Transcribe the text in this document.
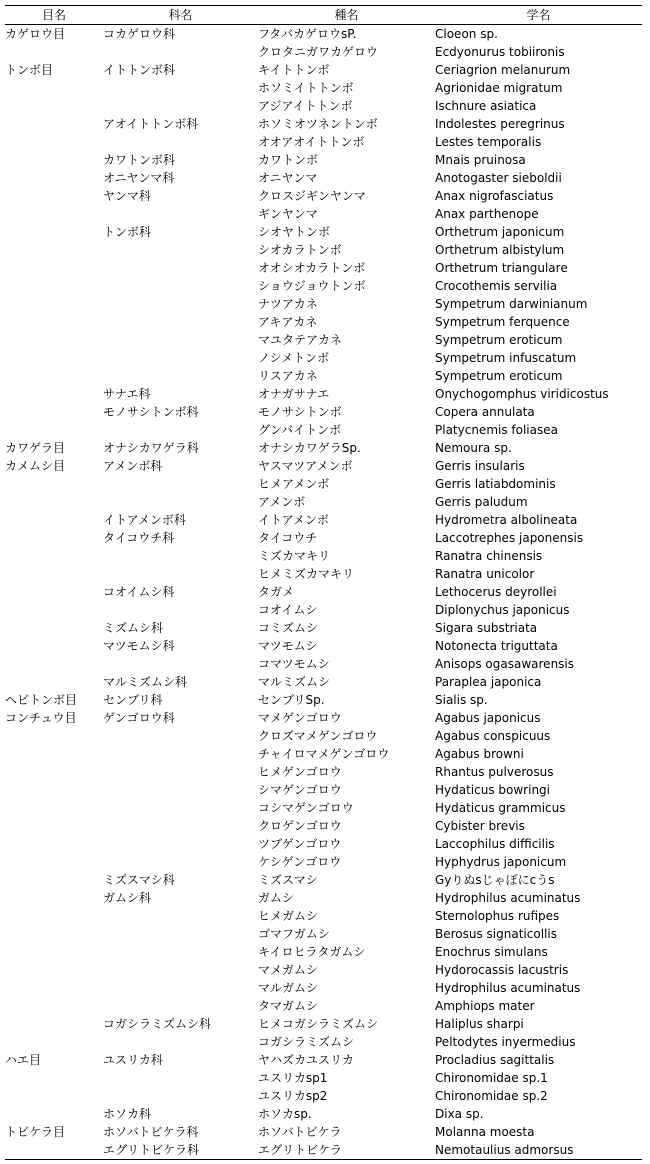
目名	科名	種名	学名
カゲロウ目	コカゲロウ科	フタバカゲロウsP.	Cloeon sp.
		クロタニガワカゲロウ	Ecdyonurus tobiironis
トンボ目	イトトンボ科	キイトトンボ	Ceriagrion melanurum
		ホソミイトトンボ	Agrionidae migratum
		アジアイトトンボ	Ischnure asiatica
	アオイトトンボ科	ホソミオツネントンボ	Indolestes peregrinus
		オオアオイトトンボ	Lestes temporalis
	カワトンボ科	カワトンボ	Mnais pruinosa
	オニヤンマ科	オニヤンマ	Anotogaster sieboldii
	ヤンマ科	クロスジギンヤンマ	Anax nigrofasciatus
		ギンヤンマ	Anax parthenope
	トンボ科	シオヤトンボ	Orthetrum japonicum
		シオカラトンボ	Orthetrum albistylum
		オオシオカラトンボ	Orthetrum triangulare
		ショウジョウトンボ	Crocothemis servilia
		ナツアカネ	Sympetrum darwinianum
		アキアカネ	Sympetrum ferquence
		マユタテアカネ	Sympetrum eroticum
		ノシメトンボ	Sympetrum infuscatum
		リスアカネ	Sympetrum eroticum
	サナエ科	オナガサナエ	Onychogomphus viridicostus
	モノサシトンボ科	モノサシトンボ	Copera annulata
		グンバイトンボ	Platycnemis foliasea
カワゲラ目	オナシカワゲラ科	オナシカワゲラSp.	Nemoura sp.
カメムシ目	アメンボ科	ヤスマツアメンボ	Gerris insularis
		ヒメアメンボ	Gerris latiabdominis
		アメンボ	Gerris paludum
	イトアメンボ科	イトアメンボ	Hydrometra albolineata
	タイコウチ科	タイコウチ	Laccotrephes japonensis
		ミズカマキリ	Ranatra chinensis
		ヒメミズカマキリ	Ranatra unicolor
	コオイムシ科	タガメ	Lethocerus deyrollei
		コオイムシ	Diplonychus japonicus
	ミズムシ科	コミズムシ	Sigara substriata
	マツモムシ科	マツモムシ	Notonecta triguttata
		コマツモムシ	Anisops ogasawarensis
	マルミズムシ科	マルミズムシ	Paraplea japonica
ヘビトンボ目	センブリ科	センブリSp.	Sialis sp.
コンチュウ目	ゲンゴロウ科	マメゲンゴロウ	Agabus japonicus
		クロズマメゲンゴロウ	Agabus conspicuus
		チャイロマメゲンゴロウ	Agabus browni
		ヒメゲンゴロウ	Rhantus pulverosus
		シマゲンゴロウ	Hydaticus bowringi
		コシマゲンゴロウ	Hydaticus grammicus
		クロゲンゴロウ	Cybister brevis
		ツブゲンゴロウ	Laccophilus difficilis
		ケシゲンゴロウ	Hyphydrus japonicum
	ミズスマシ科	ミズスマシ	Gyりぬsじゃぽにcうs
	ガムシ科	ガムシ	Hydrophilus acuminatus
		ヒメガムシ	Sternolophus rufipes
		ゴマフガムシ	Berosus signaticollis
		キイロヒラタガムシ	Enochrus simulans
		マメガムシ	Hydorocassis lacustris
		マルガムシ	Hydrophilus acuminatus
		タマガムシ	Amphiops mater
	コガシラミズムシ科	ヒメコガシラミズムシ	Haliplus sharpi
		コガシラミズムシ	Peltodytes inyermedius
ハエ目	ユスリカ科	ヤハズカユスリカ	Procladius sagittalis
		ユスリカsp1	Chironomidae sp.1
		ユスリカsp2	Chironomidae sp.2
	ホソカ科	ホソカsp.	Dixa sp.
トビケラ目	ホソバトビケラ科	ホソバトビケラ	Molanna moesta
	エグリトビケラ科	エグリトビケラ	Nemotaulius admorsus
